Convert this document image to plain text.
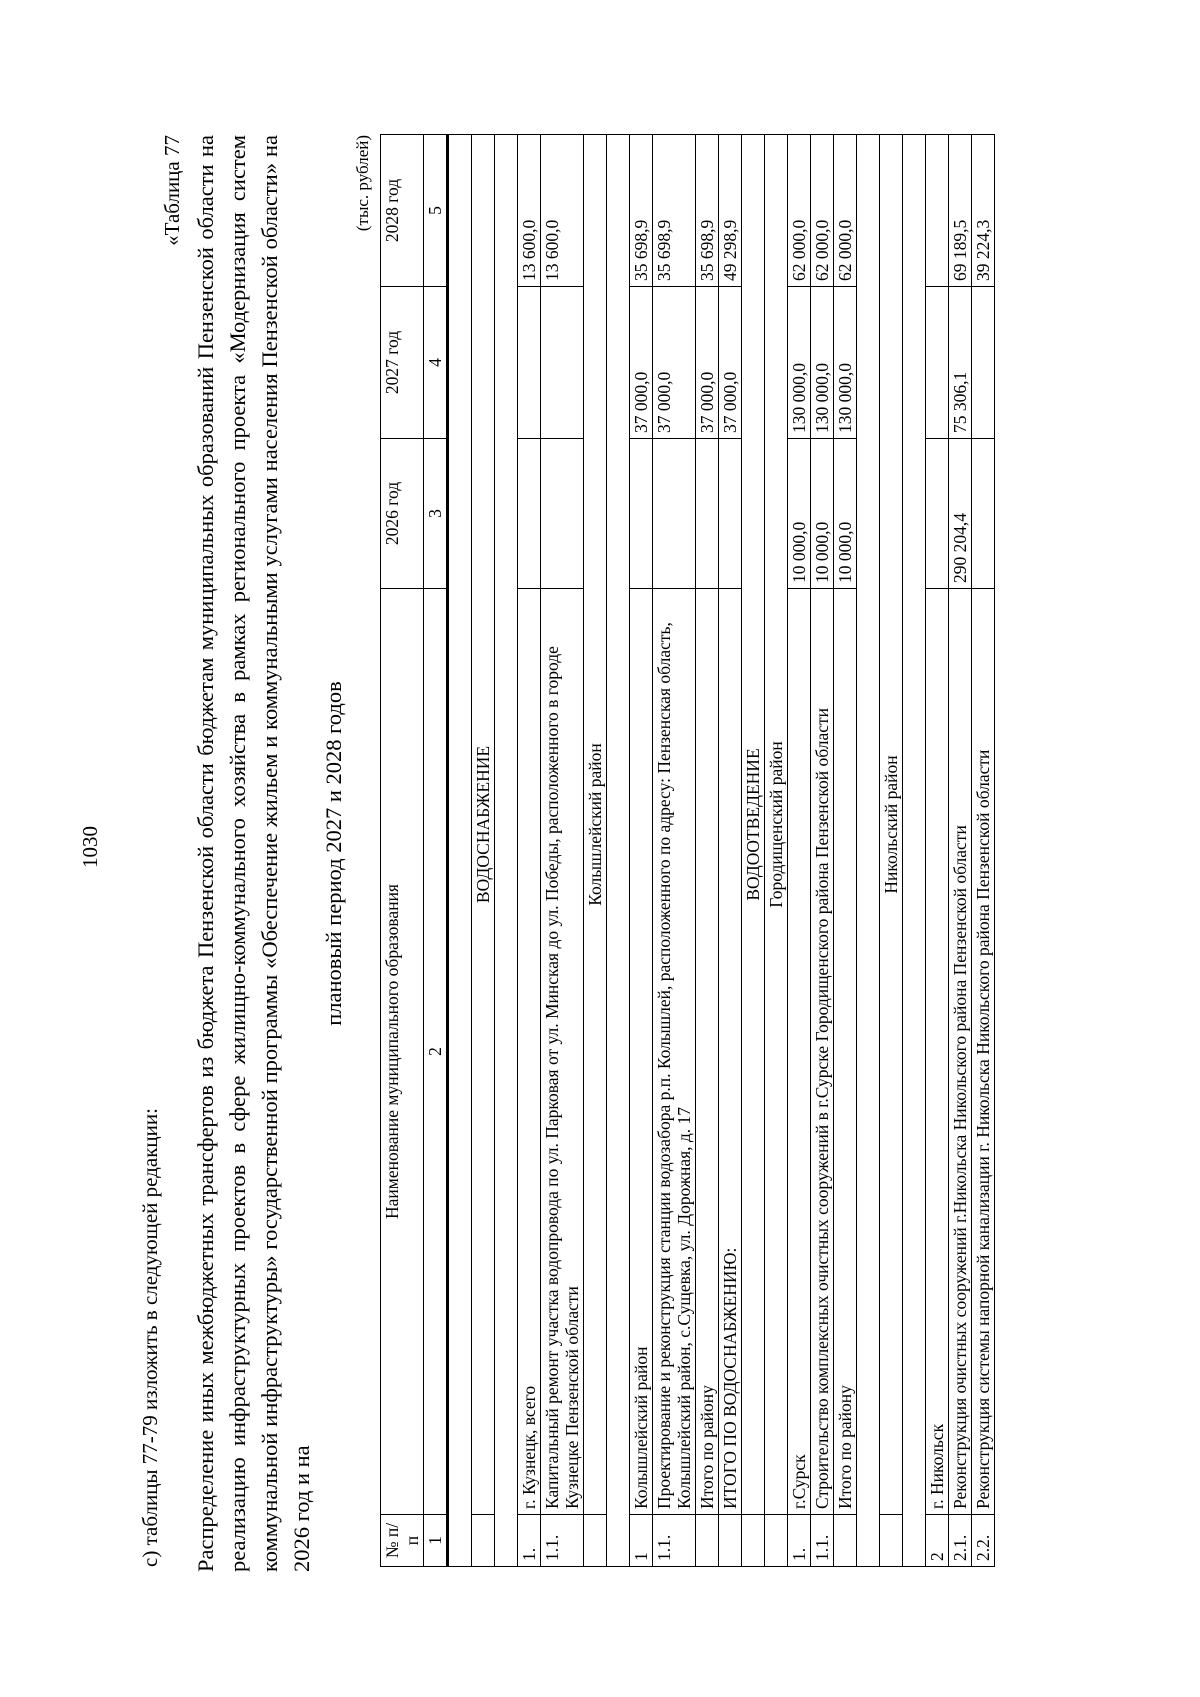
1030
с) таблицы 77-79 изложить в следующей редакции:
«Таблица 77 Распределение иных межбюджетных трансфертов из бюджета Пензенской области бюджетам муниципальных образований Пензенской области на реализацию инфраструктурных проектов в сфере жилищно-коммунального хозяйства в рамках регионального проекта «Модернизация систем коммунальной инфраструктуры» государственной программы «Обеспечение жильем и коммунальными услугами населения Пензенской области» на 2026 год и на
плановый период 2027 и 2028 годов
(тыс. рублей)
№ п/п	Наименование муниципального образования	2026 год	2027 год	2028 год
1	2	3	4	5

	ВОДОСНАБЖЕНИЕ			

1.	г. Кузнецк, всего			13 600,0
1.1.	Капитальный ремонт участка водопровода по ул. Парковая от ул. Минская до ул. Победы, расположенного в городе Кузнецке Пензенской области			13 600,0
	Колышлейский район			

1	Колышлейский район		37 000,0	35 698,9
1.1.	Проектирование и реконструкция станции водозабора р.п. Колышлей, расположенного по адресу: Пензенская область, Колышлейский район, с.Сущевка, ул. Дорожная, д. 17		37 000,0	35 698,9
	Итого по району		37 000,0	35 698,9
	ИТОГО ПО ВОДОСНАБЖЕНИЮ:		37 000,0	49 298,9
	ВОДООТВЕДЕНИЕ			
	Городищенский район			
1.	г.Сурск	10 000,0	130 000,0	62 000,0
1.1.	Строительство комплексных очистных сооружений в г.Сурске Городищенского района Пензенской области	10 000,0	130 000,0	62 000,0
	Итого по району	10 000,0	130 000,0	62 000,0

	Никольский район			

2	г. Никольск			
2.1.	Реконструкция очистных сооружений г.Никольска Никольского района Пензенской области	290 204,4	75 306,1	69 189,5
2.2.	Реконструкция системы напорной канализации г. Никольска Никольского района Пензенской области			39 224,3
